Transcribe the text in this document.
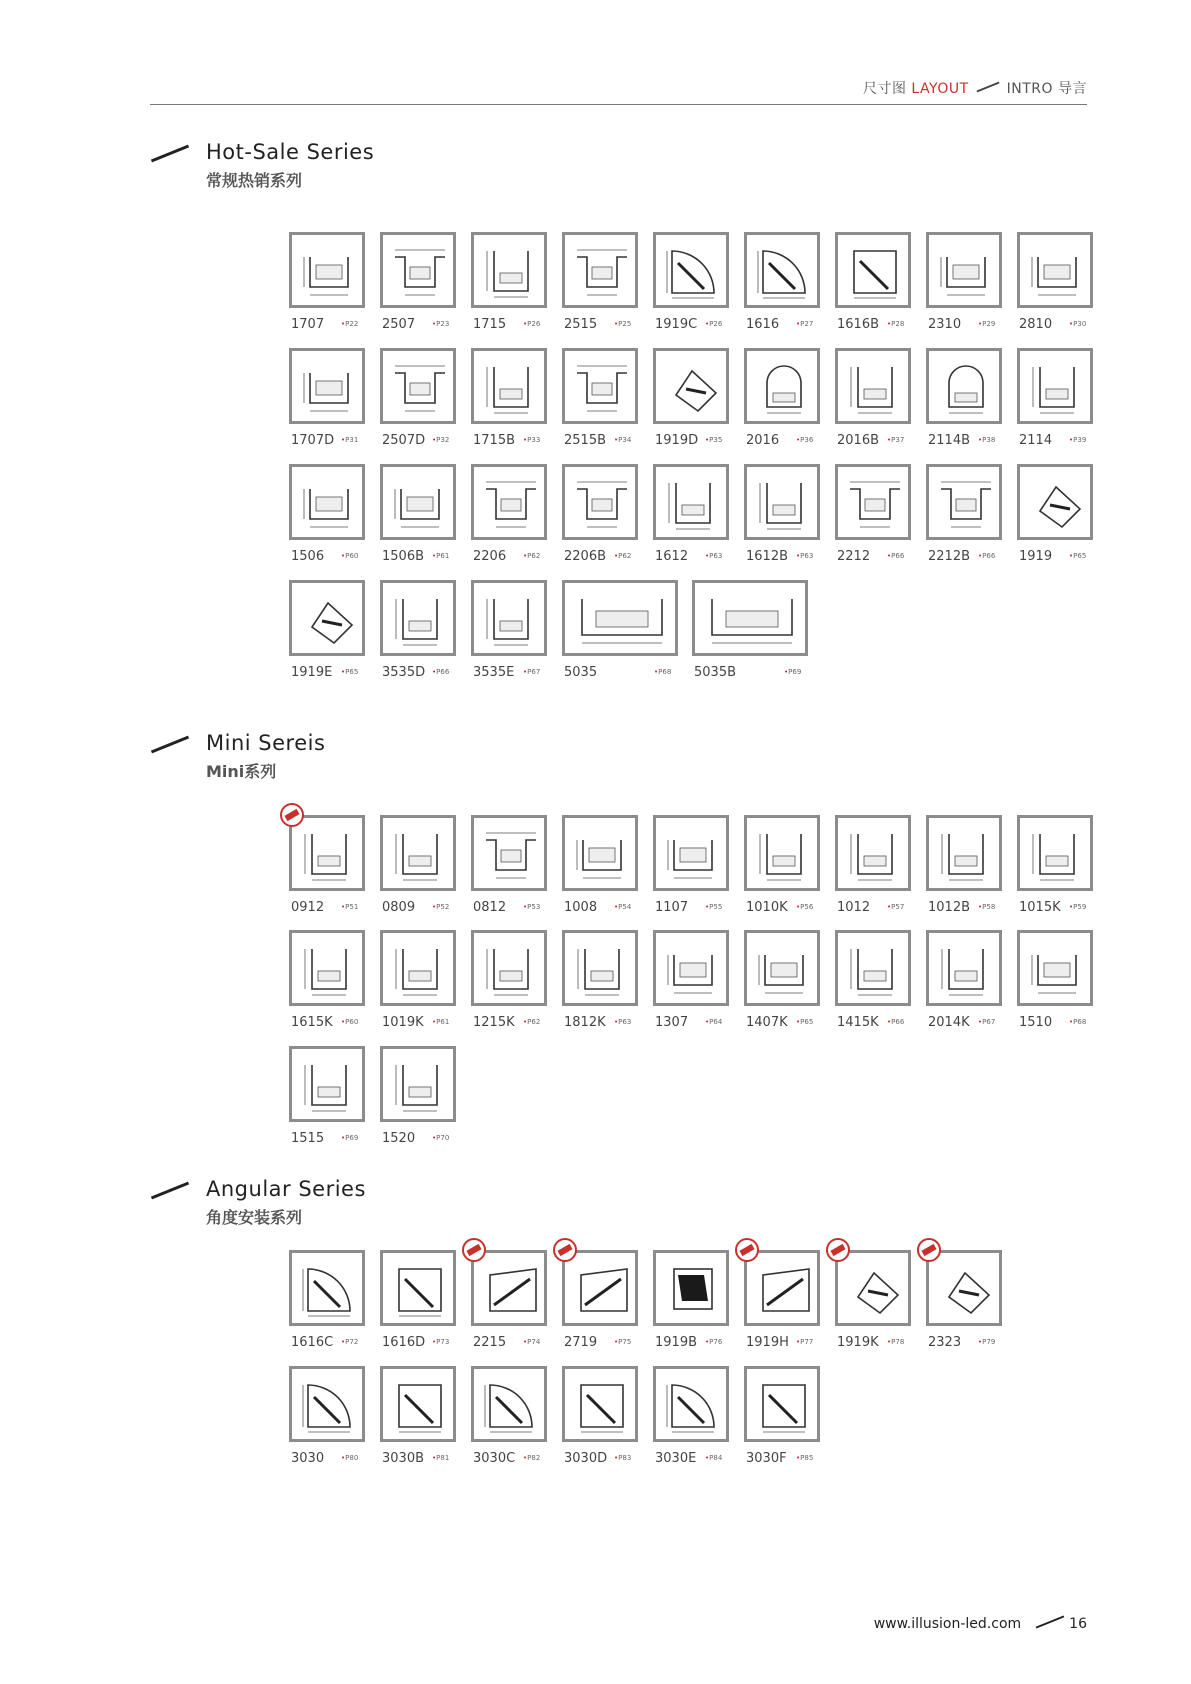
尺寸图 LAYOUT	INTRO 导言
Hot-Sale Series
常规热销系列
Mini Sereis
Mini系列
Angular Series
角度安装系列
1707 •P22 2507 •P23 1715 •P26 2515 •P25 1919C •P26 1616 •P27 1616B •P28 2310 •P29 2810 •P30
1707D •P31 2507D •P32 1715B •P33 2515B •P34 1919D •P35 2016 •P36 2016B •P37 2114B •P38 2114 •P39
1506 •P60 1506B •P61 2206 •P62 2206B •P62 1612 •P63 1612B •P63 2212 •P66 2212B •P66 1919 •P65
1919E •P65 3535D •P66 3535E •P67 5035	•P68 5035B	•P69
0912 •P51 0809 •P52 0812 •P53 1008 •P54 1107 •P55 1010K •P56 1012 •P57 1012B •P58 1015K •P59
1615K •P60 1019K •P61 1215K •P62 1812K •P63 1307 •P64 1407K •P65 1415K •P66 2014K •P67 1510 •P68
1515 •P69 1520 •P70
1616C •P72 1616D •P73 2215 •P74 2719 •P75 1919B •P76 1919H •P77 1919K •P78 2323 •P79
3030 •P80 3030B •P81 3030C •P82 3030D •P83 3030E •P84 3030F •P85
www.illusion-led.com	16
